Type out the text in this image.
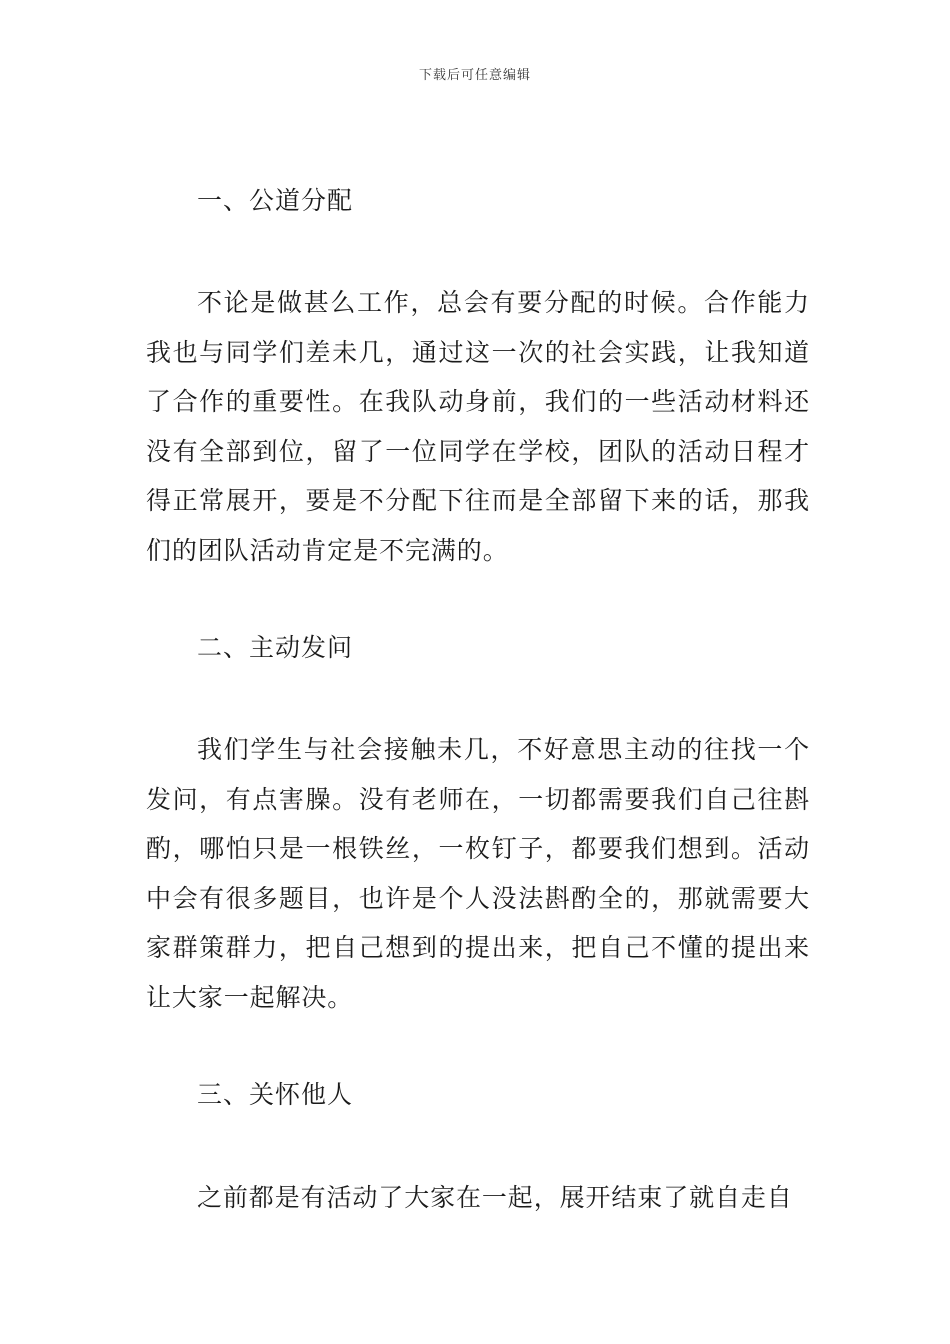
下载后可任意编辑
一、公道分配

不论是做甚么工作，总会有要分配的时候。合作能力我也与同学们差未几，通过这一次的社会实践，让我知道了合作的重要性。在我队动身前，我们的一些活动材料还没有全部到位，留了一位同学在学校，团队的活动日程才得正常展开，要是不分配下往而是全部留下来的话，那我们的团队活动肯定是不完满的。

二、主动发问

我们学生与社会接触未几，不好意思主动的往找一个发问，有点害臊。没有老师在，一切都需要我们自己往斟酌，哪怕只是一根铁丝，一枚钉子，都要我们想到。活动中会有很多题目，也许是个人没法斟酌全的，那就需要大家群策群力，把自己想到的提出来，把自己不懂的提出来让大家一起解决。

三、关怀他人

之前都是有活动了大家在一起，展开结束了就自走自
